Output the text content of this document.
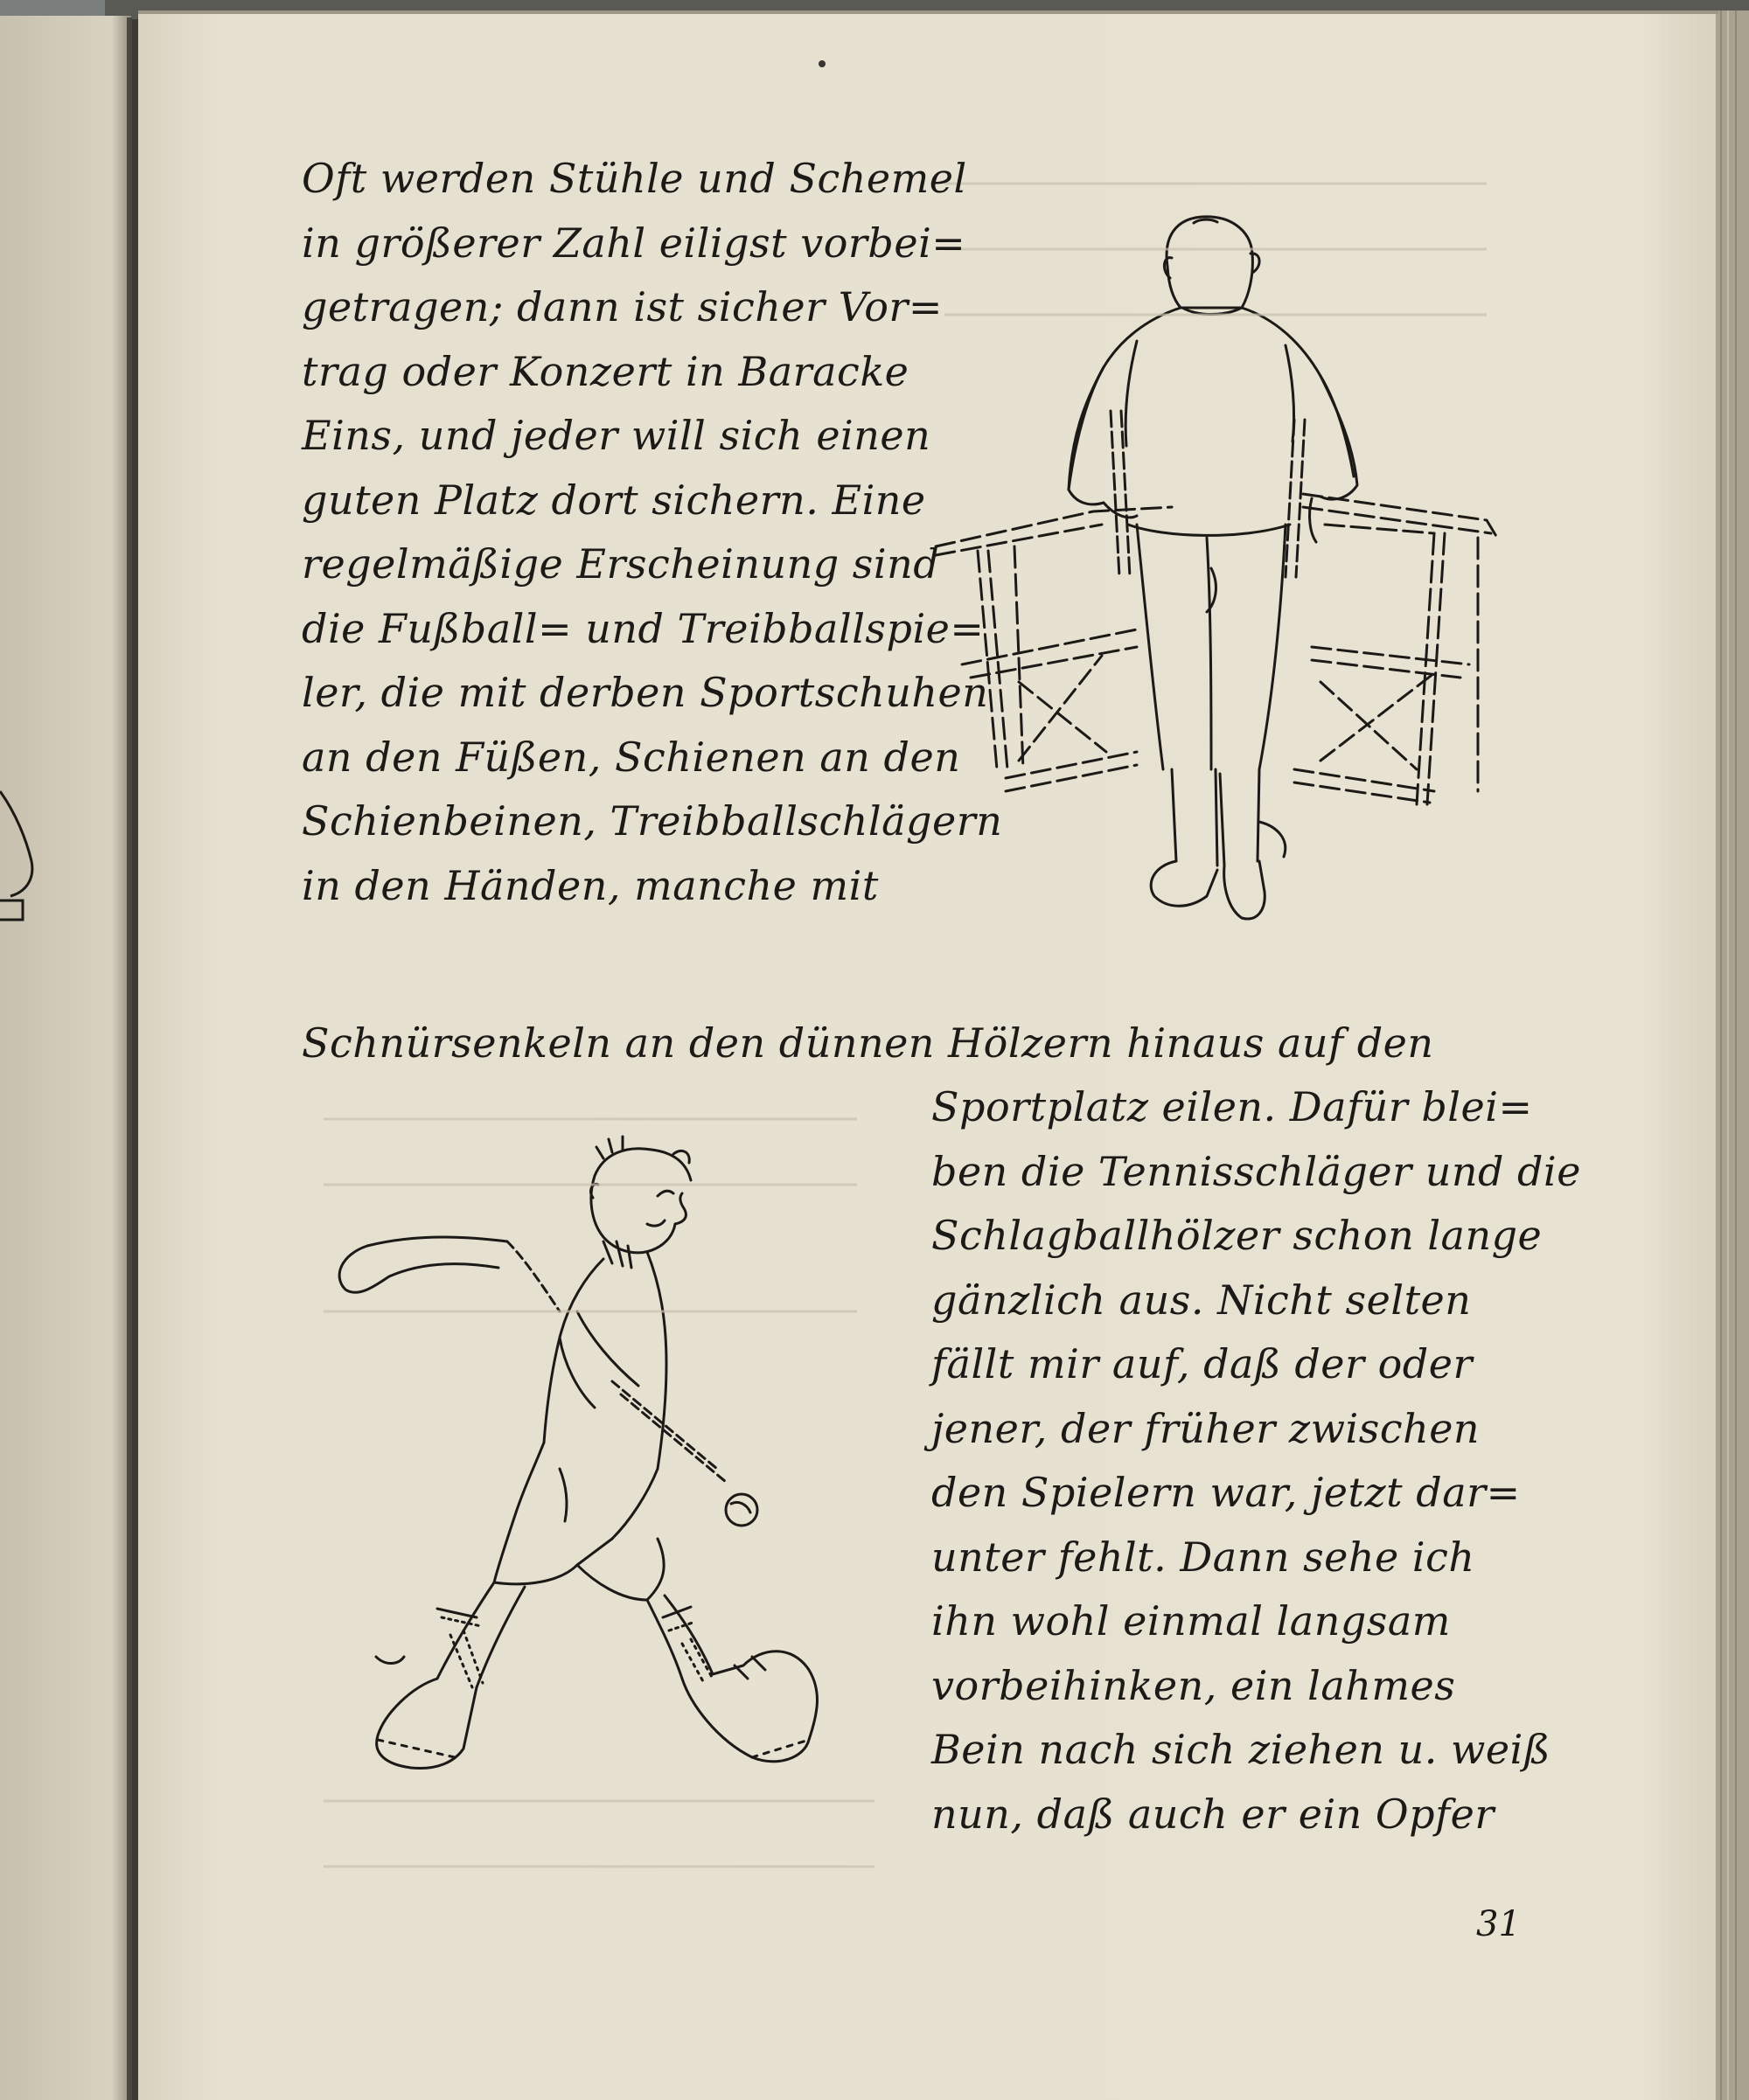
Oft werden Stühle und Schemel
in größerer Zahl eiligst vorbei=
getragen; dann ist sicher Vor=
trag oder Konzert in Baracke
Eins, und jeder will sich einen
guten Platz dort sichern. Eine
regelmäßige Erscheinung sind
die Fußball= und Treibballspie=
ler, die mit derben Sportschuhen
an den Füßen, Schienen an den
Schienbeinen, Treibballschlägern
in den Händen, manche mit
Schnürsenkeln an den dünnen Hölzern hinaus auf den
Sportplatz eilen. Dafür blei=
ben die Tennisschläger und die
Schlagballhölzer schon lange
gänzlich aus. Nicht selten
fällt mir auf, daß der oder
jener, der früher zwischen
den Spielern war, jetzt dar=
unter fehlt. Dann sehe ich
ihn wohl einmal langsam
vorbeihinken, ein lahmes
Bein nach sich ziehen u. weiß
nun, daß auch er ein Opfer
31
